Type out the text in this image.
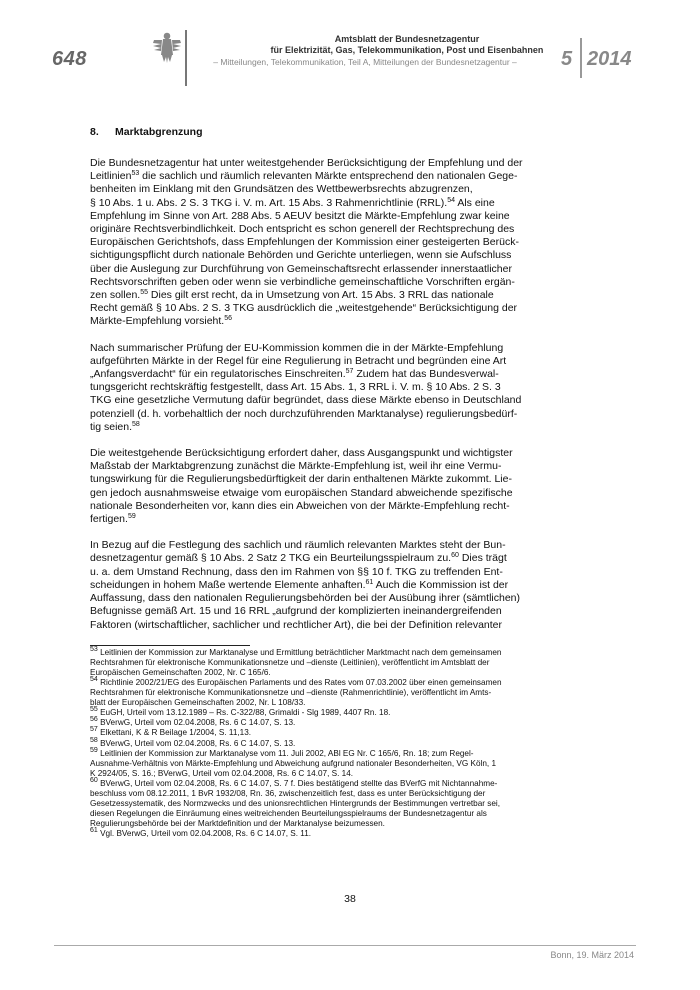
648
Amtsblatt der Bundesnetzagentur
für Elektrizität, Gas, Telekommunikation, Post und Eisenbahnen
– Mitteilungen, Telekommunikation, Teil A, Mitteilungen der Bundesnetzagentur –	5 2014
8. Marktabgrenzung
Die Bundesnetzagentur hat unter weitestgehender Berücksichtigung der Empfehlung und der
Leitlinien$^{53}$ die sachlich und räumlich relevanten Märkte entsprechend den nationalen Gege-
benheiten im Einklang mit den Grundsätzen des Wettbewerbsrechts abzugrenzen,
§ 10 Abs. 1 u. Abs. 2 S. 3 TKG i. V. m. Art. 15 Abs. 3 Rahmenrichtlinie (RRL).$^{54}$ Als eine
Empfehlung im Sinne von Art. 288 Abs. 5 AEUV besitzt die Märkte-Empfehlung zwar keine
originäre Rechtsverbindlichkeit. Doch entspricht es schon generell der Rechtsprechung des
Europäischen Gerichtshofs, dass Empfehlungen der Kommission einer gesteigerten Berück-
sichtigungspflicht durch nationale Behörden und Gerichte unterliegen, wenn sie Aufschluss
über die Auslegung zur Durchführung von Gemeinschaftsrecht erlassender innerstaatlicher
Rechtsvorschriften geben oder wenn sie verbindliche gemeinschaftliche Vorschriften ergän-
zen sollen.$^{55}$ Dies gilt erst recht, da in Umsetzung von Art. 15 Abs. 3 RRL das nationale
Recht gemäß § 10 Abs. 2 S. 3 TKG ausdrücklich die „weitestgehende“ Berücksichtigung der
Märkte-Empfehlung vorsieht.$^{56}$
Nach summarischer Prüfung der EU-Kommission kommen die in der Märkte-Empfehlung
aufgeführten Märkte in der Regel für eine Regulierung in Betracht und begründen eine Art
„Anfangsverdacht“ für ein regulatorisches Einschreiten.$^{57}$ Zudem hat das Bundesverwal-
tungsgericht rechtskräftig festgestellt, dass Art. 15 Abs. 1, 3 RRL i. V. m. § 10 Abs. 2 S. 3
TKG eine gesetzliche Vermutung dafür begründet, dass diese Märkte ebenso in Deutschland
potenziell (d. h. vorbehaltlich der noch durchzuführenden Marktanalyse) regulierungsbedürf-
tig seien.$^{58}$
Die weitestgehende Berücksichtigung erfordert daher, dass Ausgangspunkt und wichtigster
Maßstab der Marktabgrenzung zunächst die Märkte-Empfehlung ist, weil ihr eine Vermu-
tungswirkung für die Regulierungsbedürftigkeit der darin enthaltenen Märkte zukommt. Lie-
gen jedoch ausnahmsweise etwaige vom europäischen Standard abweichende spezifische
nationale Besonderheiten vor, kann dies ein Abweichen von der Märkte-Empfehlung recht-
fertigen.$^{59}$
In Bezug auf die Festlegung des sachlich und räumlich relevanten Marktes steht der Bun-
desnetzagentur gemäß § 10 Abs. 2 Satz 2 TKG ein Beurteilungsspielraum zu.$^{60}$ Dies trägt
u. a. dem Umstand Rechnung, dass den im Rahmen von §§ 10 f. TKG zu treffenden Ent-
scheidungen in hohem Maße wertende Elemente anhaften.$^{61}$ Auch die Kommission ist der
Auffassung, dass den nationalen Regulierungsbehörden bei der Ausübung ihrer (sämtlichen)
Befugnisse gemäß Art. 15 und 16 RRL „aufgrund der komplizierten ineinandergreifenden
Faktoren (wirtschaftlicher, sachlicher und rechtlicher Art), die bei der Definition relevanter
$^{53}$ Leitlinien der Kommission zur Marktanalyse und Ermittlung beträchtlicher Marktmacht nach dem gemeinsamen
Rechtsrahmen für elektronische Kommunikationsnetze und –dienste (Leitlinien), veröffentlicht im Amtsblatt der
Europäischen Gemeinschaften 2002, Nr. C 165/6.
$^{54}$ Richtlinie 2002/21/EG des Europäischen Parlaments und des Rates vom 07.03.2002 über einen gemeinsamen
Rechtsrahmen für elektronische Kommunikationsnetze und –dienste (Rahmenrichtlinie), veröffentlicht im Amts-
blatt der Europäischen Gemeinschaften 2002, Nr. L 108/33.
$^{55}$ EuGH, Urteil vom 13.12.1989 – Rs. C-322/88, Grimaldi - Slg 1989, 4407 Rn. 18.
$^{56}$ BVerwG, Urteil vom 02.04.2008, Rs. 6 C 14.07, S. 13.
$^{57}$ Elkettani, K & R Beilage 1/2004, S. 11,13.
$^{58}$ BVerwG, Urteil vom 02.04.2008, Rs. 6 C 14.07, S. 13.
$^{59}$ Leitlinien der Kommission zur Marktanalyse vom 11. Juli 2002, ABl EG Nr. C 165/6, Rn. 18; zum Regel-
Ausnahme-Verhältnis von Märkte-Empfehlung und Abweichung aufgrund nationaler Besonderheiten, VG Köln, 1
K 2924/05, S. 16.; BVerwG, Urteil vom 02.04.2008, Rs. 6 C 14.07, S. 14.
$^{60}$ BVerwG, Urteil vom 02.04.2008, Rs. 6 C 14.07, S. 7 f. Dies bestätigend stellte das BVerfG mit Nichtannahme-
beschluss vom 08.12.2011, 1 BvR 1932/08, Rn. 36, zwischenzeitlich fest, dass es unter Berücksichtigung der
Gesetzessystematik, des Normzwecks und des unionsrechtlichen Hintergrunds der Bestimmungen vertretbar sei,
diesen Regelungen die Einräumung eines weitreichenden Beurteilungsspielraums der Bundesnetzagentur als
Regulierungsbehörde bei der Marktdefinition und der Marktanalyse beizumessen.
$^{61}$ Vgl. BVerwG, Urteil vom 02.04.2008, Rs. 6 C 14.07, S. 11.
38
Bonn, 19. März 2014
